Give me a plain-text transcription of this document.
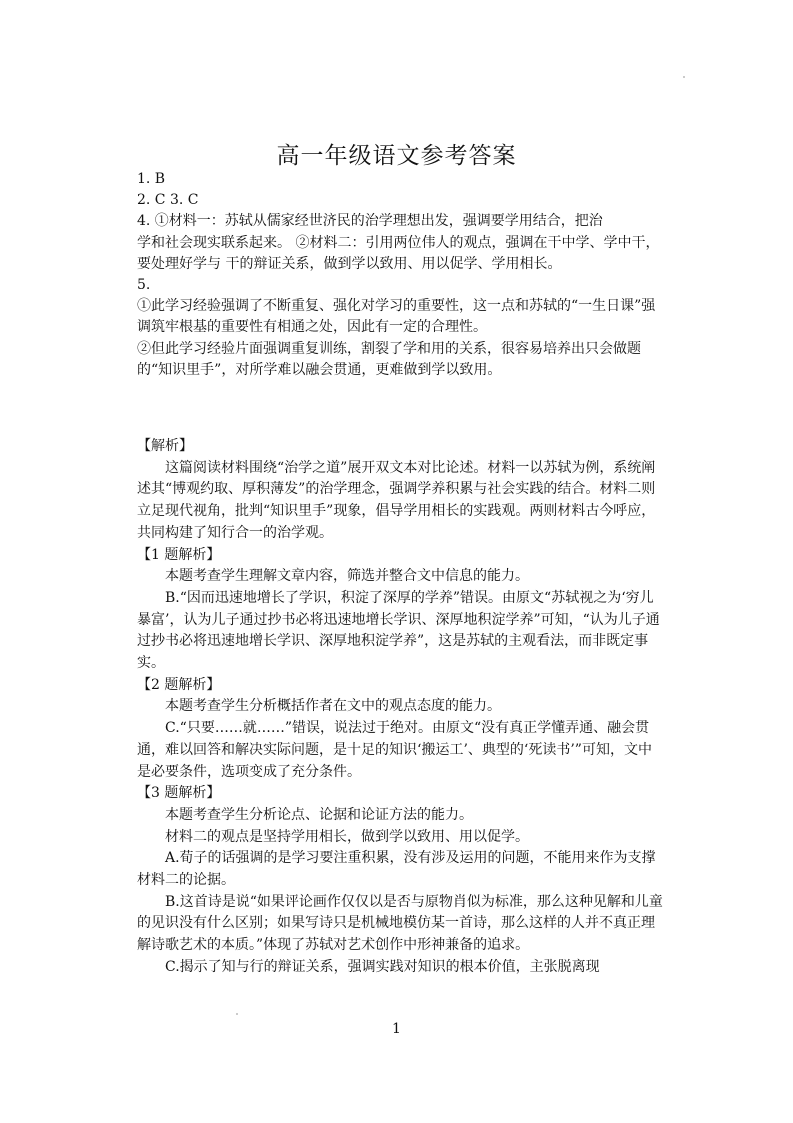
高一年级语文参考答案

1. B

2. C 3. C

4. ①材料一：苏轼从儒家经世济民的治学理想出发，强调要学用结合，把治

学和社会现实联系起来。 ②材料二：引用两位伟人的观点，强调在干中学、学中干，要处理好学与 干的辩证关系，做到学以致用、用以促学、学用相长。

5.

①此学习经验强调了不断重复、强化对学习的重要性，这一点和苏轼的“一生日课”强调筑牢根基的重要性有相通之处，因此有一定的合理性。

②但此学习经验片面强调重复训练，割裂了学和用的关系，很容易培养出只会做题的“知识里手”，对所学难以融会贯通，更难做到学以致用。

【解析】

这篇阅读材料围绕“治学之道”展开双文本对比论述。材料一以苏轼为例，系统阐述其“博观约取、厚积薄发”的治学理念，强调学养积累与社会实践的结合。材料二则立足现代视角，批判“知识里手”现象，倡导学用相长的实践观。两则材料古今呼应，共同构建了知行合一的治学观。

【1 题解析】

本题考查学生理解文章内容，筛选并整合文中信息的能力。

B.“因而迅速地增长了学识，积淀了深厚的学养”错误。由原文“苏轼视之为‘穷儿暴富’，认为儿子通过抄书必将迅速地增长学识、深厚地积淀学养”可知，“认为儿子通过抄书必将迅速地增长学识、深厚地积淀学养”，这是苏轼的主观看法，而非既定事实。

【2 题解析】

本题考查学生分析概括作者在文中的观点态度的能力。

C.“只要……就……”错误，说法过于绝对。由原文“没有真正学懂弄通、融会贯通，难以回答和解决实际问题，是十足的知识‘搬运工’、典型的‘死读书’”可知，文中是必要条件，选项变成了充分条件。

【3 题解析】

本题考查学生分析论点、论据和论证方法的能力。

材料二的观点是坚持学用相长，做到学以致用、用以促学。

A.荀子的话强调的是学习要注重积累，没有涉及运用的问题，不能用来作为支撑材料二的论据。

B.这首诗是说“如果评论画作仅仅以是否与原物肖似为标准，那么这种见解和儿童的见识没有什么区别；如果写诗只是机械地模仿某一首诗，那么这样的人并不真正理解诗歌艺术的本质。”体现了苏轼对艺术创作中形神兼备的追求。

C.揭示了知与行的辩证关系，强调实践对知识的根本价值，主张脱离现

1
